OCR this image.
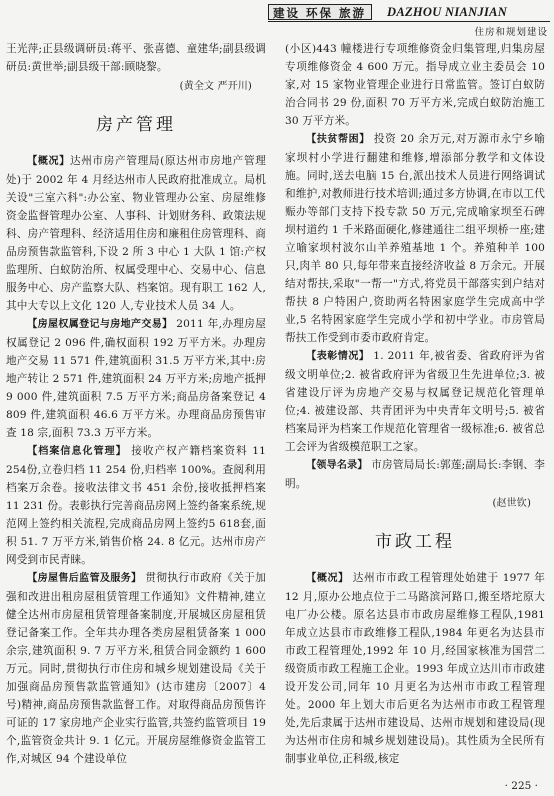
建设 环保 旅游	DAZHOU NIANJIAN
住房和规划建设

王光萍;正县级调研员:蒋平、张喜德、童建华;副县级调研员:黄世举;副县级干部:顾晓黎。

(黄全文 严开川)
房产管理

【概况】达州市房产管理局(原达州市房地产管理处)于 2002 年 4 月经达州市人民政府批准成立。局机关设"三室六科":办公室、物业管理办公室、房屋维修资金监督管理办公室、人事科、计划财务科、政策法规科、房产管理科、经济适用住房和廉租住房管理科、商品房预售款监管科,下设 2 所 3 中心 1 大队 1 馆:产权监理所、白蚁防治所、权属受理中心、交易中心、信息服务中心、房产监察大队、档案馆。现有职工 162 人,其中大专以上文化 120 人,专业技术人员 34 人。

【房屋权属登记与房地产交易】 2011 年,办理房屋权属登记 2 096 件,确权面积 192 万平方米。办理房地产交易 11 571 件,建筑面积 31.5 万平方米,其中:房地产转让 2 571 件,建筑面积 24 万平方米;房地产抵押 9 000 件,建筑面积 7.5 万平方米;商品房备案登记 4 809 件,建筑面积 46.6 万平方米。办理商品房预售审查 18 宗,面积 73.3 万平方米。

【档案信息化管理】 接收产权产籍档案资料 11 254份,立卷归档 11 254 份,归档率 100%。查阅利用档案万余卷。接收法律文书 451 余份,接收抵押档案 11 231 份。表彰执行完善商品房网上签约备案系统,规范网上签约相关流程,完成商品房网上签约5 618套,面积 51. 7 万平方米,销售价格 24. 8 亿元。达州市房产网受到市民青睐。

【房屋售后监管及服务】 贯彻执行市政府《关于加强和改进出租房屋租赁管理工作通知》文件精神,建立健全达州市房屋租赁管理备案制度,开展城区房屋租赁登记备案工作。全年共办理各类房屋租赁备案 1 000 余宗,建筑面积 9. 7 万平方米,租赁合同金额约 1 600 万元。同时,贯彻执行市住房和城乡规划建设局《关于加强商品房预售款监管通知》(达市建房〔2007〕4 号)精神,商品房预售款监督工作。对取得商品房预售许可证的 17 家房地产企业实行监管,共签约监管项目 19 个,监管资金共计 9. 1 亿元。开展房屋维修资金监管工作,对城区 94 个建设单位

(小区)443 幢楼进行专项维修资金归集管理,归集房屋专项维修资金 4 600 万元。指导成立业主委员会 10 家,对 15 家物业管理企业进行日常监管。签订白蚁防治合同书 29 份,面积 70 万平方米,完成白蚁防治施工 30 万平方米。

【扶贫帮困】 投资 20 余万元,对万源市永宁乡喻家坝村小学进行翻建和维修,增添部分教学和文体设施。同时,送去电脑 15 台,派出技术人员进行网络调试和维护,对教师进行技术培训;通过多方协调,在市以工代赈办等部门支持下投专款 50 万元,完成喻家坝至石碑坝村道约 1 千米路面硬化,修建通往二组平坝桥一座;建立喻家坝村波尔山羊养殖基地 1 个。养殖种羊 100 只,肉羊 80 只,每年带来直接经济收益 8 万余元。开展结对帮扶,采取"一帮一"方式,将党员干部落实到户结对帮扶 8 户特困户,资助两名特困家庭学生完成高中学业,5 名特困家庭学生完成小学和初中学业。市房管局帮扶工作受到市委市政府肯定。

【表彰情况】 1. 2011 年,被省委、省政府评为省级文明单位;2. 被省政府评为省级卫生先进单位;3. 被省建设厅评为房地产交易与权属登记规范化管理单位;4. 被建设部、共青团评为中央青年文明号;5. 被省档案局评为档案工作规范化管理省一级标准;6. 被省总工会评为省级模范职工之家。

【领导名录】 市房管局局长:郭莲;副局长:李钢、李明。

(赵世钦)
市政工程

【概况】 达州市市政工程管理处始建于 1977 年 12 月,原办公地点位于二马路滨河路口,搬至塔坨原大电厂办公楼。原名达县市市政房屋维修工程队,1981 年成立达县市市政维修工程队,1984 年更名为达县市市政工程管理处,1992 年 10 月,经国家核准为国营二级资质市政工程施工企业。1993 年成立达川市市政建设开发公司,同年 10 月更名为达州市市政工程管理处。2000 年上划大市后更名为达州市市政工程管理处,先后隶属于达州市建设局、达州市规划和建设局(现为达州市住房和城乡规划建设局)。其性质为全民所有制事业单位,正科级,核定

· 225 ·
